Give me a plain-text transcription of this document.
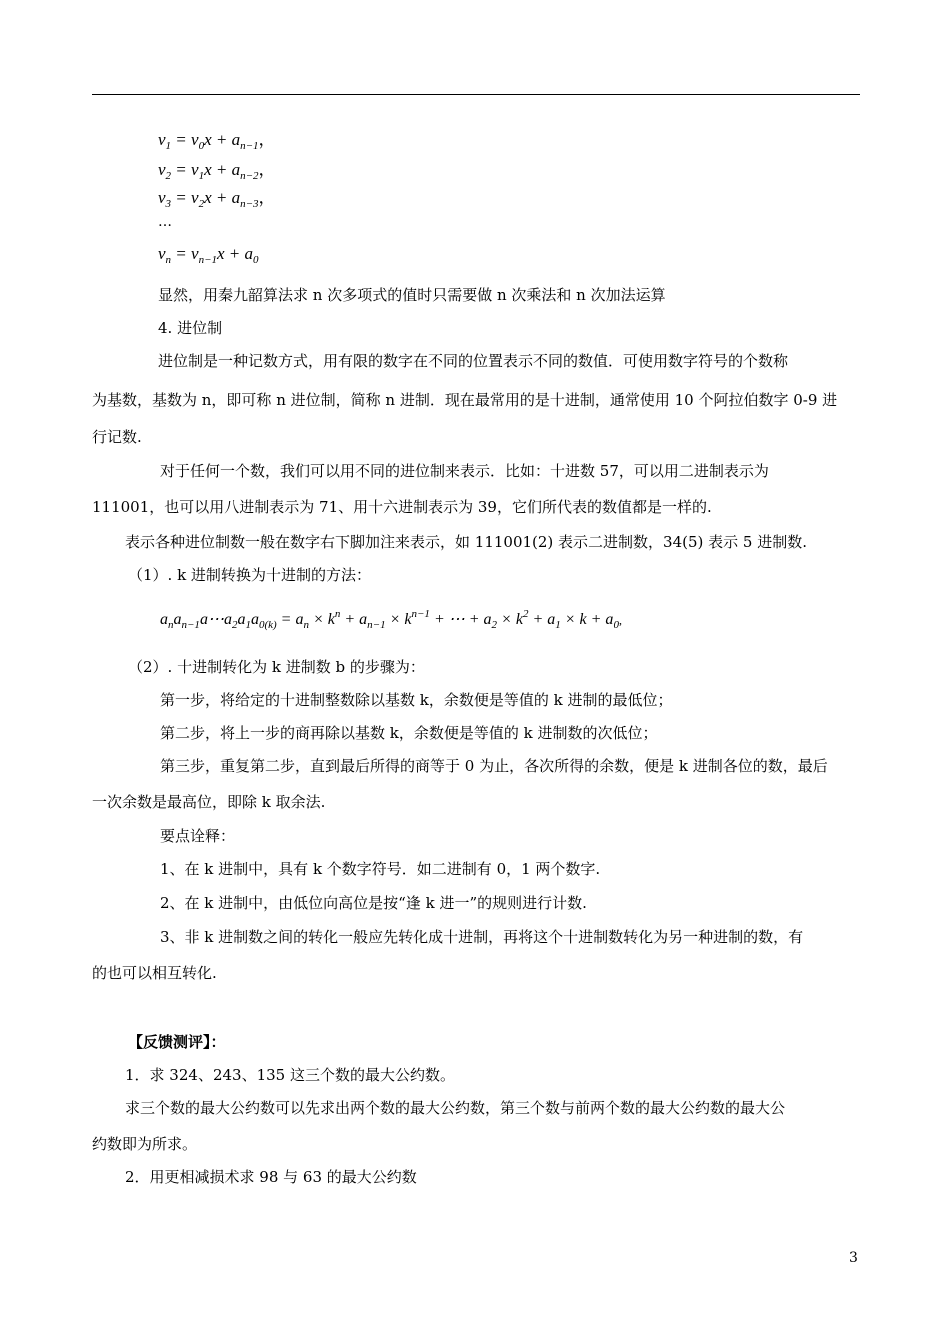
$v_1 = v_0x + a_{n-1}$，
$v_2 = v_1x + a_{n-2}$，
$v_3 = v_2x + a_{n-3}$，
…
$v_n = v_{n-1}x + a_0$
显然，用秦九韶算法求 n 次多项式的值时只需要做 n 次乘法和 n 次加法运算
4. 进位制
进位制是一种记数方式，用有限的数字在不同的位置表示不同的数值．可使用数字符号的个数称
为基数，基数为 n，即可称 n 进位制，简称 n 进制．现在最常用的是十进制，通常使用 10 个阿拉伯数字 0-9 进
行记数.
对于任何一个数，我们可以用不同的进位制来表示．比如：十进数 57，可以用二进制表示为
111001，也可以用八进制表示为 71、用十六进制表示为 39，它们所代表的数值都是一样的.
表示各种进位制数一般在数字右下脚加注来表示，如 111001(2) 表示二进制数，34(5) 表示 5 进制数.
（1）. k 进制转换为十进制的方法：
$a_na_{n-1}a\cdots a_2a_1a_{0(k)} = a_n \times k^n + a_{n-1} \times k^{n-1}$ + ⋯ + $a_2 \times k^2 + a_1 \times k + a_0$,
（2）. 十进制转化为 k 进制数 b 的步骤为：
第一步，将给定的十进制整数除以基数 k，余数便是等值的 k 进制的最低位；
第二步，将上一步的商再除以基数 k，余数便是等值的 k 进制数的次低位；
第三步，重复第二步，直到最后所得的商等于 0 为止，各次所得的余数，便是 k 进制各位的数，最后
一次余数是最高位，即除 k 取余法.
要点诠释：
1、在 k 进制中，具有 k 个数字符号．如二进制有 0，1 两个数字.
2、在 k 进制中，由低位向高位是按“逢 k 进一”的规则进行计数.
3、非 k 进制数之间的转化一般应先转化成十进制，再将这个十进制数转化为另一种进制的数，有
的也可以相互转化.
【反馈测评】：
1．求 324、243、135 这三个数的最大公约数。
求三个数的最大公约数可以先求出两个数的最大公约数，第三个数与前两个数的最大公约数的最大公
约数即为所求。
2．用更相减损术求 98 与 63 的最大公约数
3
